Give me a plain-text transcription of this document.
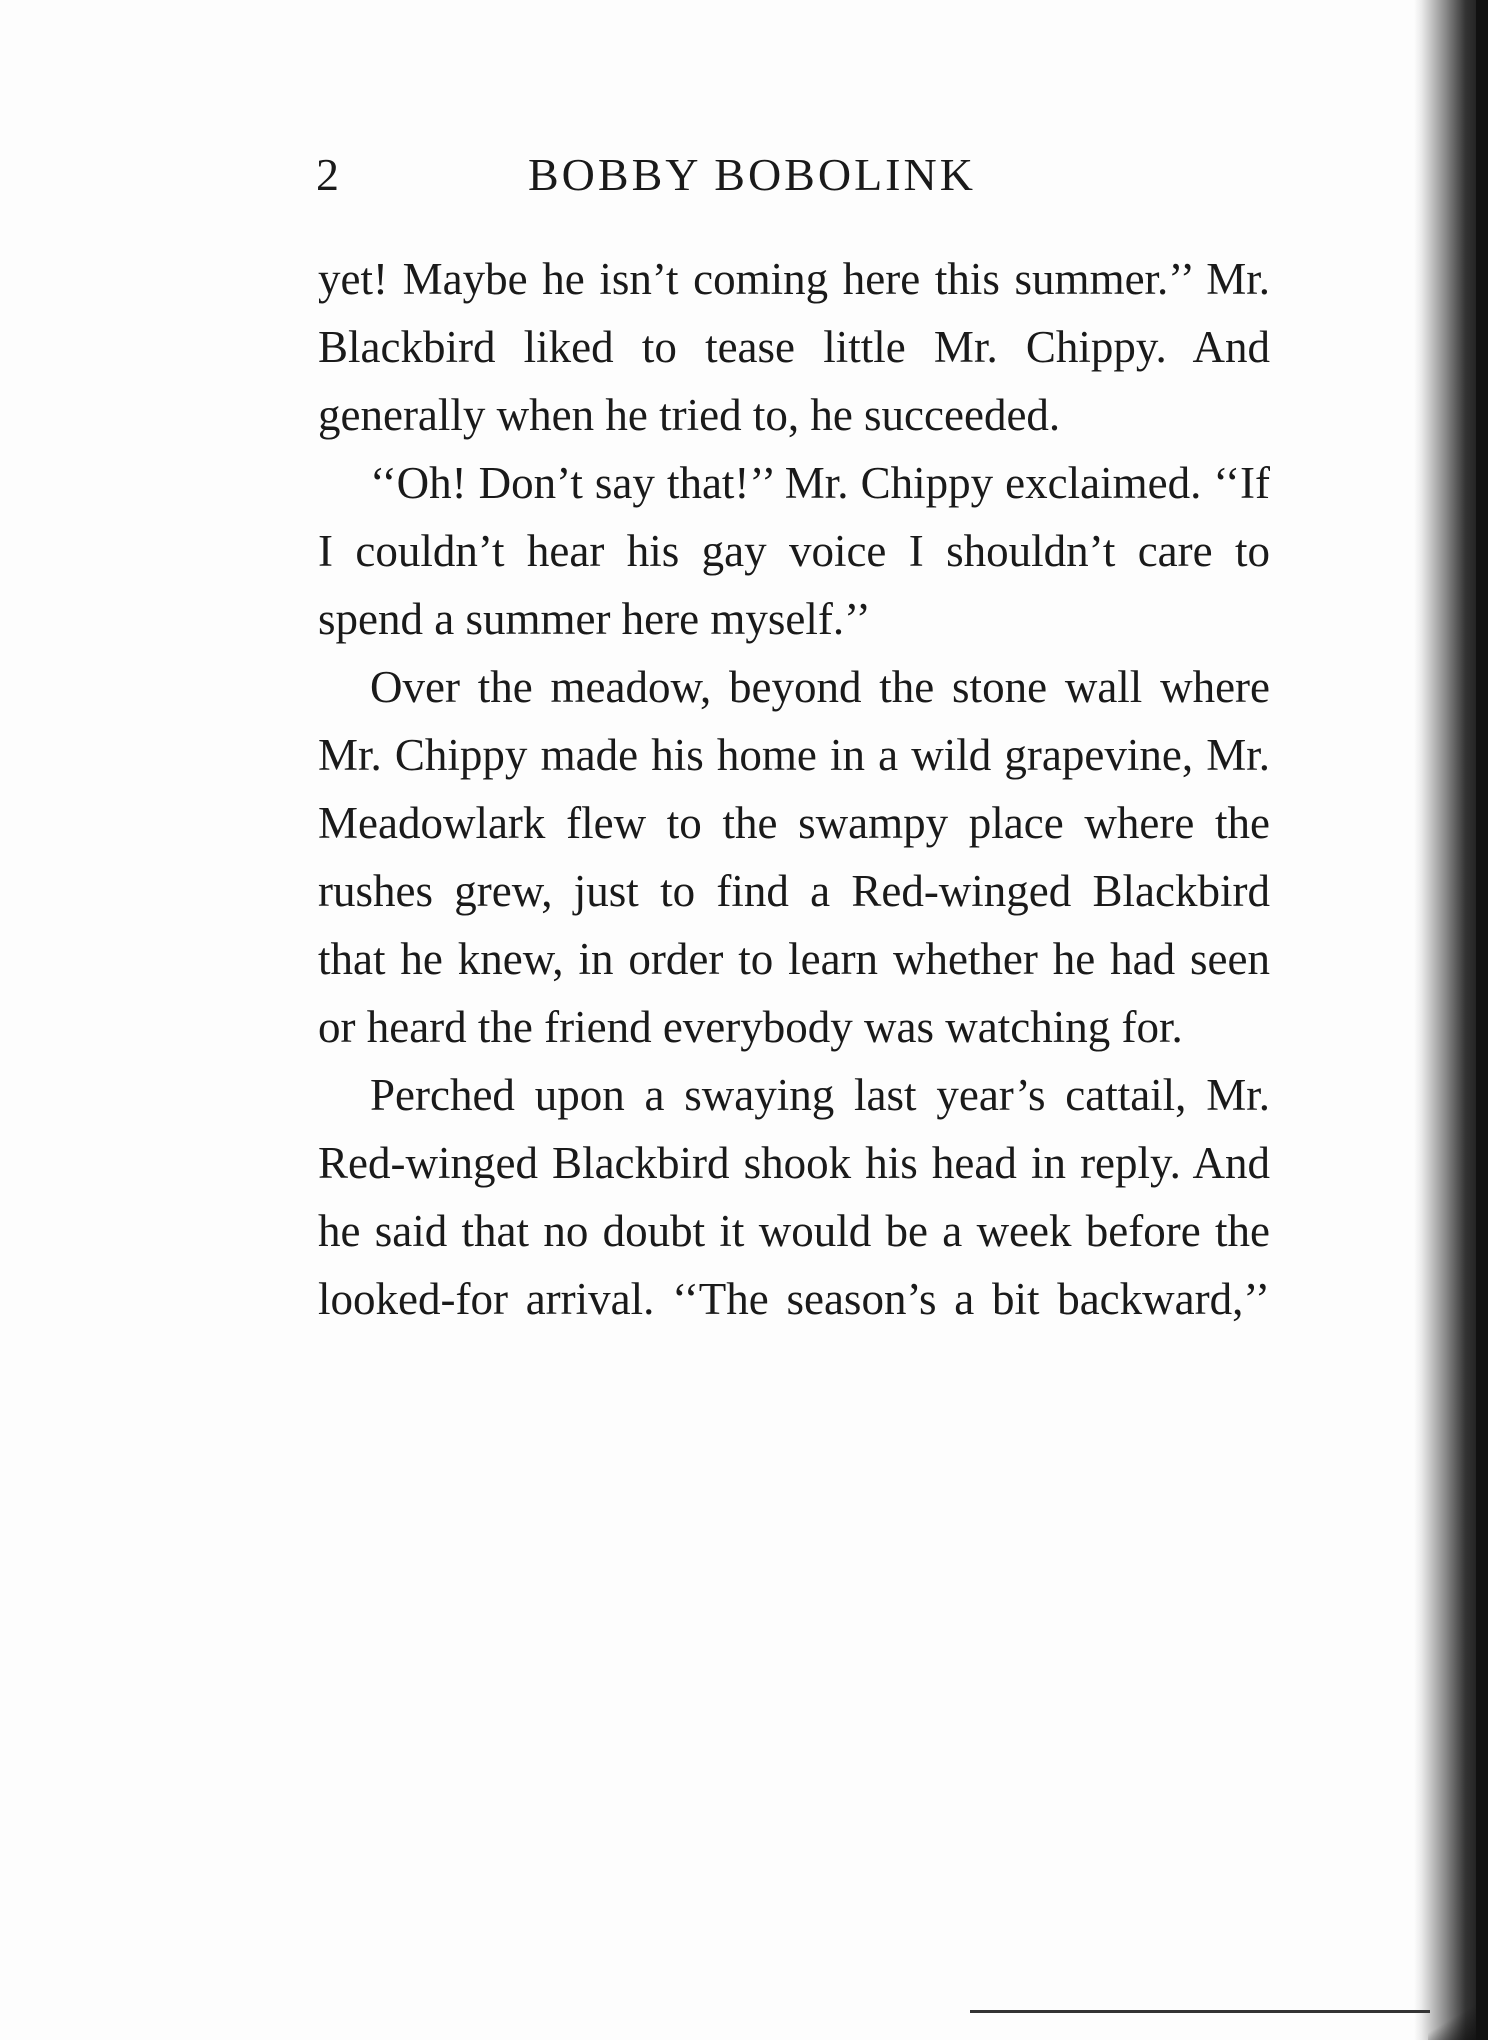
2	BOBBY BOBOLINK

yet! Maybe he isn’t coming here this summer.’’ Mr. Blackbird liked to tease little Mr. Chippy. And generally when he tried to, he succeeded.

‘‘Oh! Don’t say that!’’ Mr. Chippy exclaimed. ‘‘If I couldn’t hear his gay voice I shouldn’t care to spend a summer here myself.’’

Over the meadow, beyond the stone wall where Mr. Chippy made his home in a wild grapevine, Mr. Meadowlark flew to the swampy place where the rushes grew, just to find a Red-winged Blackbird that he knew, in order to learn whether he had seen or heard the friend everybody was watching for.

Perched upon a swaying last year’s cattail, Mr. Red-winged Blackbird shook his head in reply. And he said that no doubt it would be a week before the looked-for arrival. ‘‘The season’s a bit backward,’’
